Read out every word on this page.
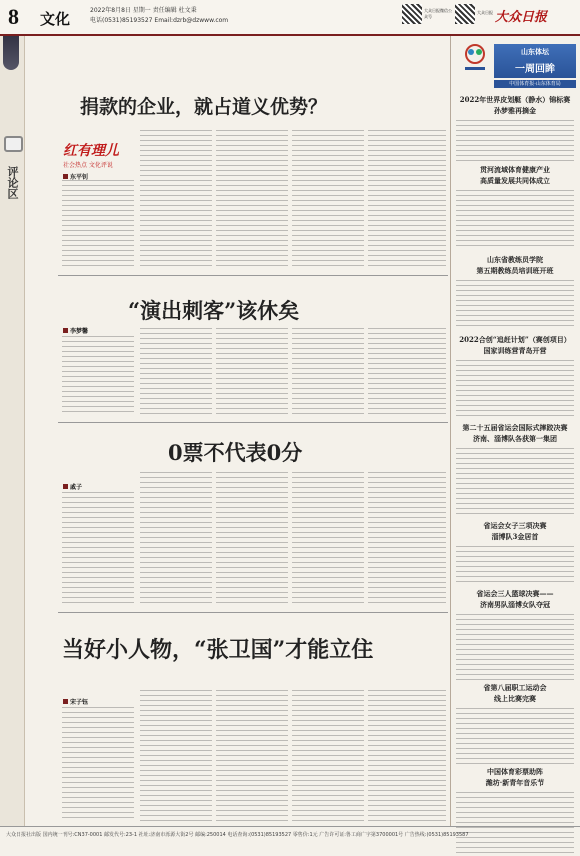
8 文化	2022年8月8日 星期一 责任编辑 杜文秉
电话(0531)85193527 Email:dzrb@dzwww.com
大众日报微信公众号
大众日报 大众日报
评论区
捐款的企业，就占道义优势？
红有理儿
社会热点 文化评说
东平钊
“演出刺客”该休矣
李梦馨
0票不代表0分
戚子
当好小人物，“张卫国”才能立住
宋子钰
山东体坛
一周回眸
中国体育报·山东体育局
2022年世界皮划艇（静水）锦标赛
孙梦雅再摘金
贯河流域体育健康产业
高质量发展共同体成立
山东省教练员学院
第五期教练员培训班开班
2022合创“追赶计划”（赛创项目）
国家训练营青岛开营
第二十五届省运会国际式摔跤决赛
济南、淄博队各获第一集团
省运会女子三项决赛
淄博队3金居首
省运会三人篮球决赛——
济南男队淄博女队夺冠
省第八届职工运动会
线上比赛完赛
中国体育彩票助阵
潍坊·新青年音乐节
大众日报社出版 国内统一刊号:CN37-0001 邮发代号:23-1 社址:济南市泺源大街2号 邮编:250014 电话查询:(0531)85193527 零售价:1元 广告许可证:鲁工商广字第3700001号 广告热线:(0531)85193587
